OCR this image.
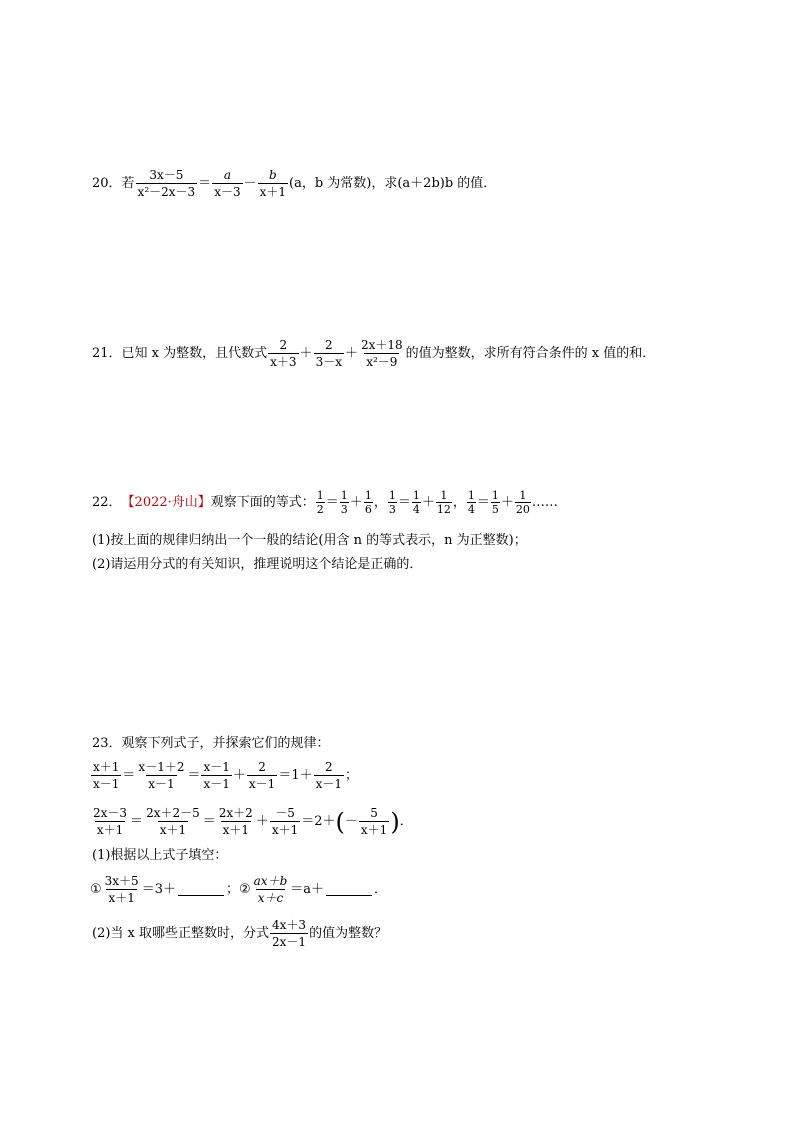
20．若 $\frac{3x-5}{\text{x²－2x－3}} = \frac{a}{x-3} - \frac{b}{x+1} (a$，b 为常数)，求(a＋2b)b 的值．
21．已知 x 为整数，且代数式 $\frac{2}{x+3} + \frac{2}{3-x} + \frac{2x+18}{\text{x²－9}}$ 的值为整数，求所有符合条件的 x 值的和．
22． 【2022·舟山】 观察下面的等式： $\frac{1}{2} = \frac{1}{3} + \frac{1}{6}$ ， $\frac{1}{3} = \frac{1}{4} + \frac{1}{12}$ ， $\frac{1}{4} = \frac{1}{5} + \frac{1}{20}$ ……
(1)按上面的规律归纳出一个一般的结论(用含 n 的等式表示，n 为正整数)；
(2)请运用分式的有关知识，推理说明这个结论是正确的．
23．观察下列式子，并探索它们的规律：
$\frac{x+1}{x-1} = \frac{x-1+2}{x-1} = \frac{x-1}{x-1} + \frac{2}{x-1} =1+ \frac{2}{x-1}$ ；
$\frac{2x-3}{x+1} = \frac{2x+2-5}{x+1} = \frac{2x+2}{x+1} + \frac{-5}{x+1} =2+$ ( － $\frac{5}{x+1}$ ) ．
(1)根据以上式子填空：
① $\frac{3x+5}{x+1} =3+$	； ② $\frac{ax+b}{x+c} =a+$	．
(2)当 x 取哪些正整数时，分式 $\frac{4x+3}{2x-1}$ 的值为整数？
